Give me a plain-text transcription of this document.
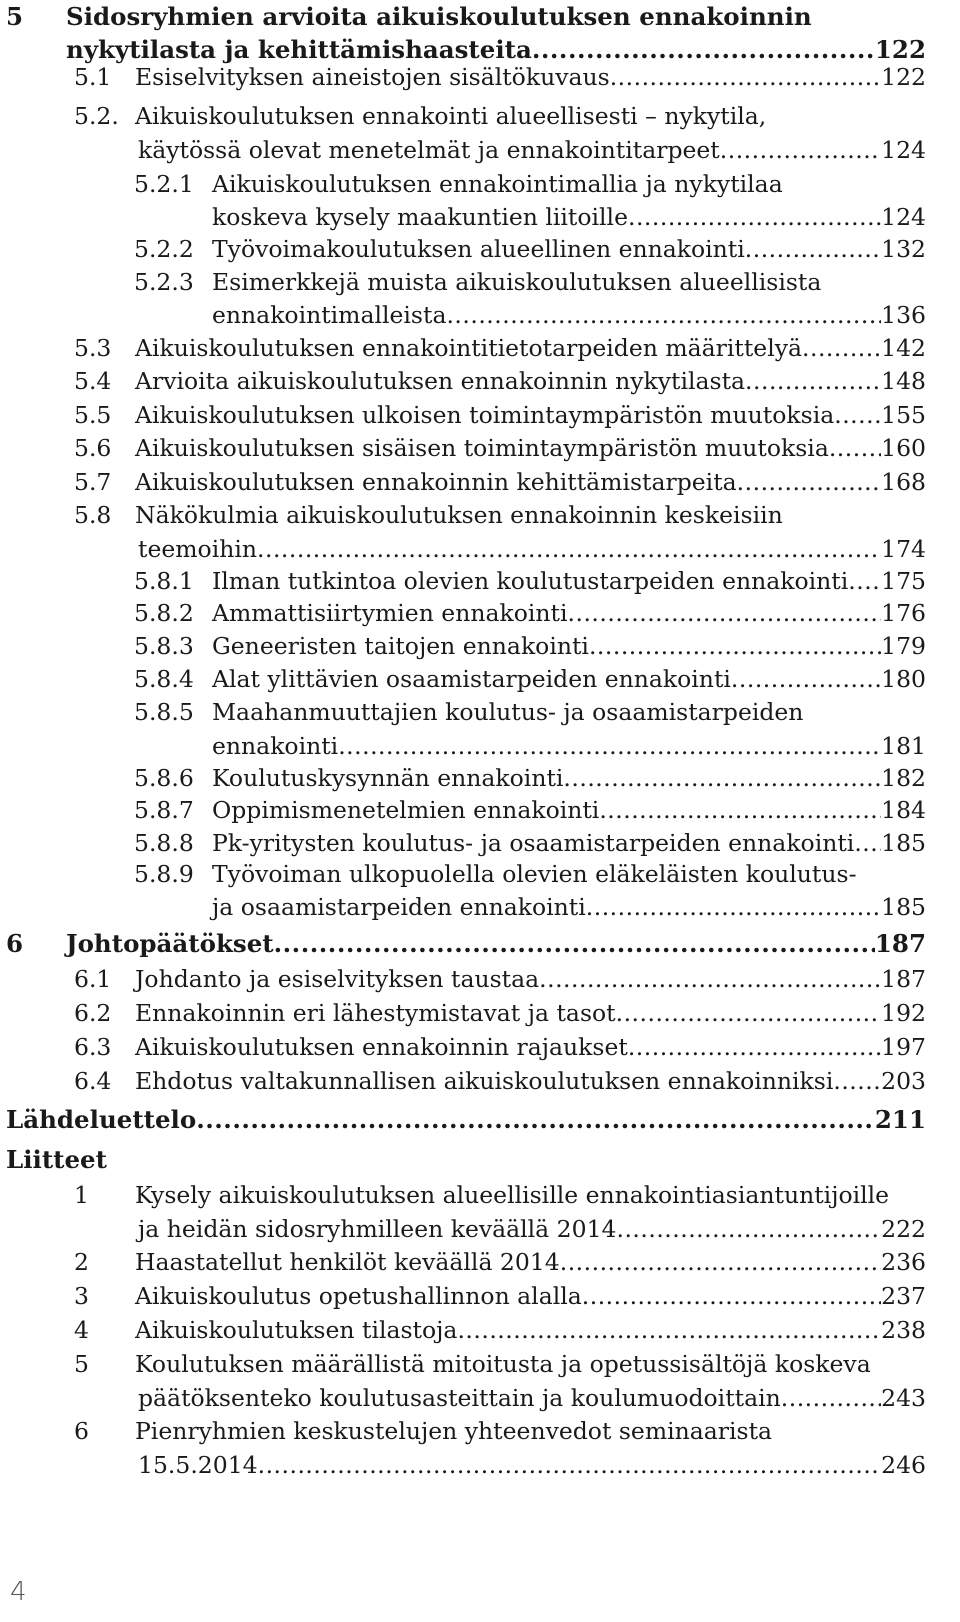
5 Sidosryhmien arvioita aikuiskoulutuksen ennakoinnin
nykytilasta ja kehittämishaasteita .....	122
5.1 Esiselvityksen aineistojen sisältökuvaus .....	122
5.2. Aikuiskoulutuksen ennakointi alueellisesti – nykytila,
käytössä olevat menetelmät ja ennakointitarpeet .....	124
5.2.1 Aikuiskoulutuksen ennakointimallia ja nykytilaa
koskeva kysely maakuntien liitoille .....	124
5.2.2 Työvoimakoulutuksen alueellinen ennakointi .....	132
5.2.3 Esimerkkejä muista aikuiskoulutuksen alueellisista
ennakointimalleista .....	136
5.3 Aikuiskoulutuksen ennakointitietotarpeiden määrittelyä .....	142
5.4 Arvioita aikuiskoulutuksen ennakoinnin nykytilasta .....	148
5.5 Aikuiskoulutuksen ulkoisen toimintaympäristön muutoksia ..... 155
5.6 Aikuiskoulutuksen sisäisen toimintaympäristön muutoksia ..... 160
5.7 Aikuiskoulutuksen ennakoinnin kehittämistarpeita .....	168
5.8 Näkökulmia aikuiskoulutuksen ennakoinnin keskeisiin
teemoihin .....	174
5.8.1 Ilman tutkintoa olevien koulutustarpeiden ennakointi ..... 175
5.8.2 Ammattisiirtymien ennakointi .....	176
5.8.3 Geneeristen taitojen ennakointi .....	179
5.8.4 Alat ylittävien osaamistarpeiden ennakointi .....	180
5.8.5 Maahanmuuttajien koulutus- ja osaamistarpeiden
ennakointi .....	181
5.8.6 Koulutuskysynnän ennakointi .....	182
5.8.7 Oppimismenetelmien ennakointi .....	184
5.8.8 Pk-yritysten koulutus- ja osaamistarpeiden ennakointi ..... 185
5.8.9 Työvoiman ulkopuolella olevien eläkeläisten koulutus-
ja osaamistarpeiden ennakointi .....	185
6 Johtopäätökset .....	187
6.1 Johdanto ja esiselvityksen taustaa .....	187
6.2 Ennakoinnin eri lähestymistavat ja tasot .....	192
6.3 Aikuiskoulutuksen ennakoinnin rajaukset .....	197
6.4 Ehdotus valtakunnallisen aikuiskoulutuksen ennakoinniksi ..... 203
Lähdeluettelo .....	211
Liitteet
1 Kysely aikuiskoulutuksen alueellisille ennakointiasiantuntijoille
ja heidän sidosryhmilleen keväällä 2014 .....	222
2 Haastatellut henkilöt keväällä 2014 .....	236
3 Aikuiskoulutus opetushallinnon alalla .....	237
4 Aikuiskoulutuksen tilastoja .....	238
5 Koulutuksen määrällistä mitoitusta ja opetussisältöjä koskeva
päätöksenteko koulutusasteittain ja koulumuodoittain .....	243
6 Pienryhmien keskustelujen yhteenvedot seminaarista
15.5.2014 .....	246
4
